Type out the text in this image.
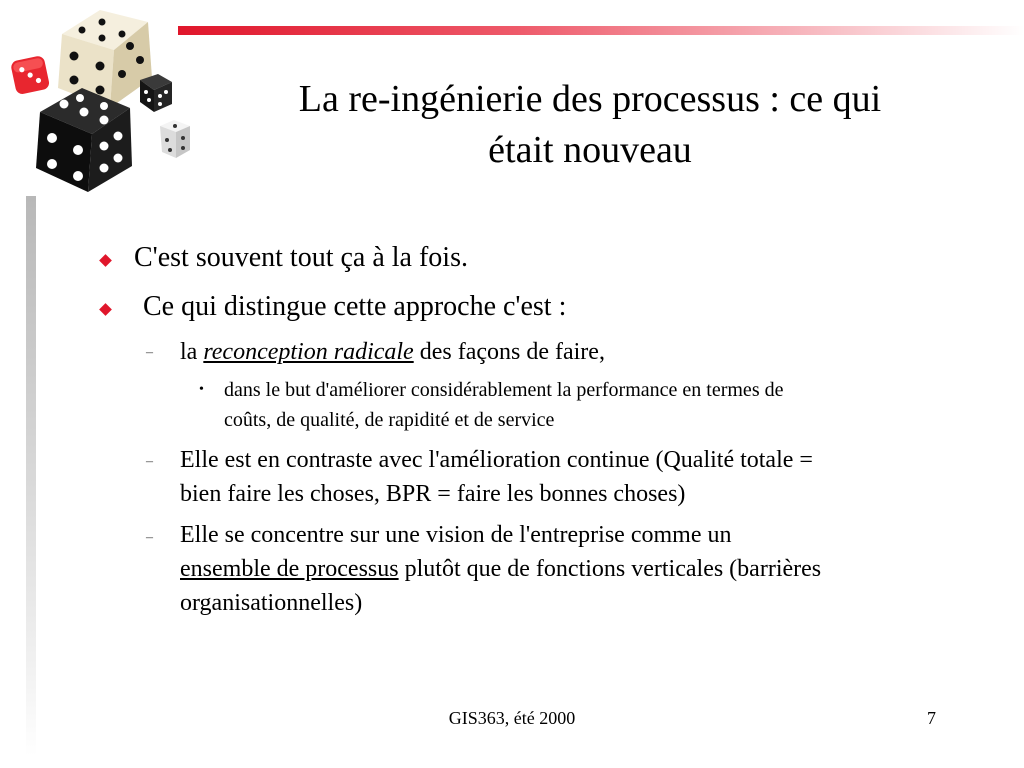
La re-ingénierie des processus : ce qui
était nouveau
C'est souvent tout ça à la fois.
Ce qui distingue cette approche c'est :
– la reconception radicale des façons de faire,
• dans le but d'améliorer considérablement la performance en termes de
coûts, de qualité, de rapidité et de service
– Elle est en contraste avec l'amélioration continue (Qualité totale =
bien faire les choses, BPR = faire les bonnes choses)
– Elle se concentre sur une vision de l'entreprise comme un
ensemble de processus plutôt que de fonctions verticales (barrières
organisationnelles)
GIS363, été 2000	7
